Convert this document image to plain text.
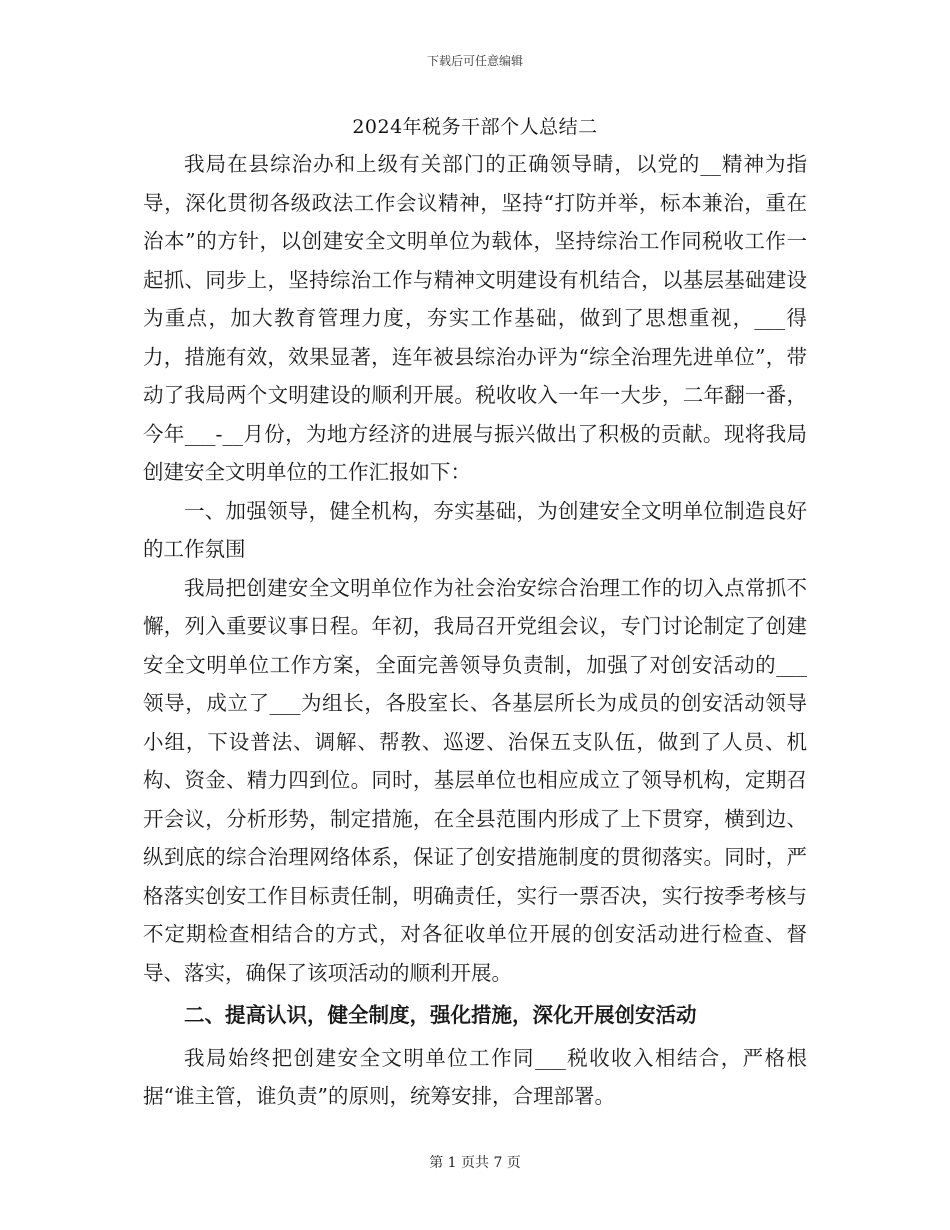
下载后可任意编辑
2024年税务干部个人总结二

我局在县综治办和上级有关部门的正确领导睛，以党的__精神为指导，深化贯彻各级政法工作会议精神，坚持“打防并举，标本兼治，重在治本”的方针，以创建安全文明单位为载体，坚持综治工作同税收工作一起抓、同步上，坚持综治工作与精神文明建设有机结合，以基层基础建设为重点，加大教育管理力度，夯实工作基础，做到了思想重视，___得力，措施有效，效果显著，连年被县综治办评为“综全治理先进单位”，带动了我局两个文明建设的顺利开展。税收收入一年一大步，二年翻一番，今年___-__月份，为地方经济的进展与振兴做出了积极的贡献。现将我局创建安全文明单位的工作汇报如下：

一、加强领导，健全机构，夯实基础，为创建安全文明单位制造良好的工作氛围

我局把创建安全文明单位作为社会治安综合治理工作的切入点常抓不懈，列入重要议事日程。年初，我局召开党组会议，专门讨论制定了创建安全文明单位工作方案，全面完善领导负责制，加强了对创安活动的___领导，成立了___为组长，各股室长、各基层所长为成员的创安活动领导小组，下设普法、调解、帮教、巡逻、治保五支队伍，做到了人员、机构、资金、精力四到位。同时，基层单位也相应成立了领导机构，定期召开会议，分析形势，制定措施，在全县范围内形成了上下贯穿，横到边、纵到底的综合治理网络体系，保证了创安措施制度的贯彻落实。同时，严格落实创安工作目标责任制，明确责任，实行一票否决，实行按季考核与不定期检查相结合的方式，对各征收单位开展的创安活动进行检查、督导、落实，确保了该项活动的顺利开展。

二、提高认识，健全制度，强化措施，深化开展创安活动

我局始终把创建安全文明单位工作同___税收收入相结合，严格根据“谁主管，谁负责”的原则，统筹安排，合理部署。

第 1 页共 7 页
